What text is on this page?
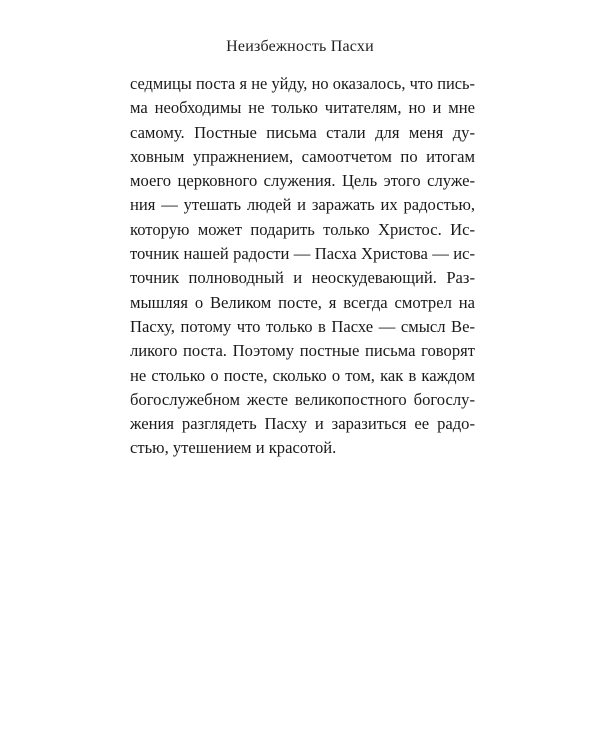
Неизбежность Пасхи
седмицы поста я не уйду, но оказалось, что пись-
ма необходимы не только читателям, но и мне
самому. Постные письма стали для меня ду-
ховным упражнением, самоотчетом по итогам
моего церковного служения. Цель этого служе-
ния — утешать людей и заражать их радостью,
которую может подарить только Христос. Ис-
точник нашей радости — Пасха Христова — ис-
точник полноводный и неоскудевающий. Раз-
мышляя о Великом посте, я всегда смотрел на
Пасху, потому что только в Пасхе — смысл Ве-
ликого поста. Поэтому постные письма говорят
не столько о посте, сколько о том, как в каждом
богослужебном жесте великопостного богослу-
жения разглядеть Пасху и заразиться ее радо-
стью, утешением и красотой.
